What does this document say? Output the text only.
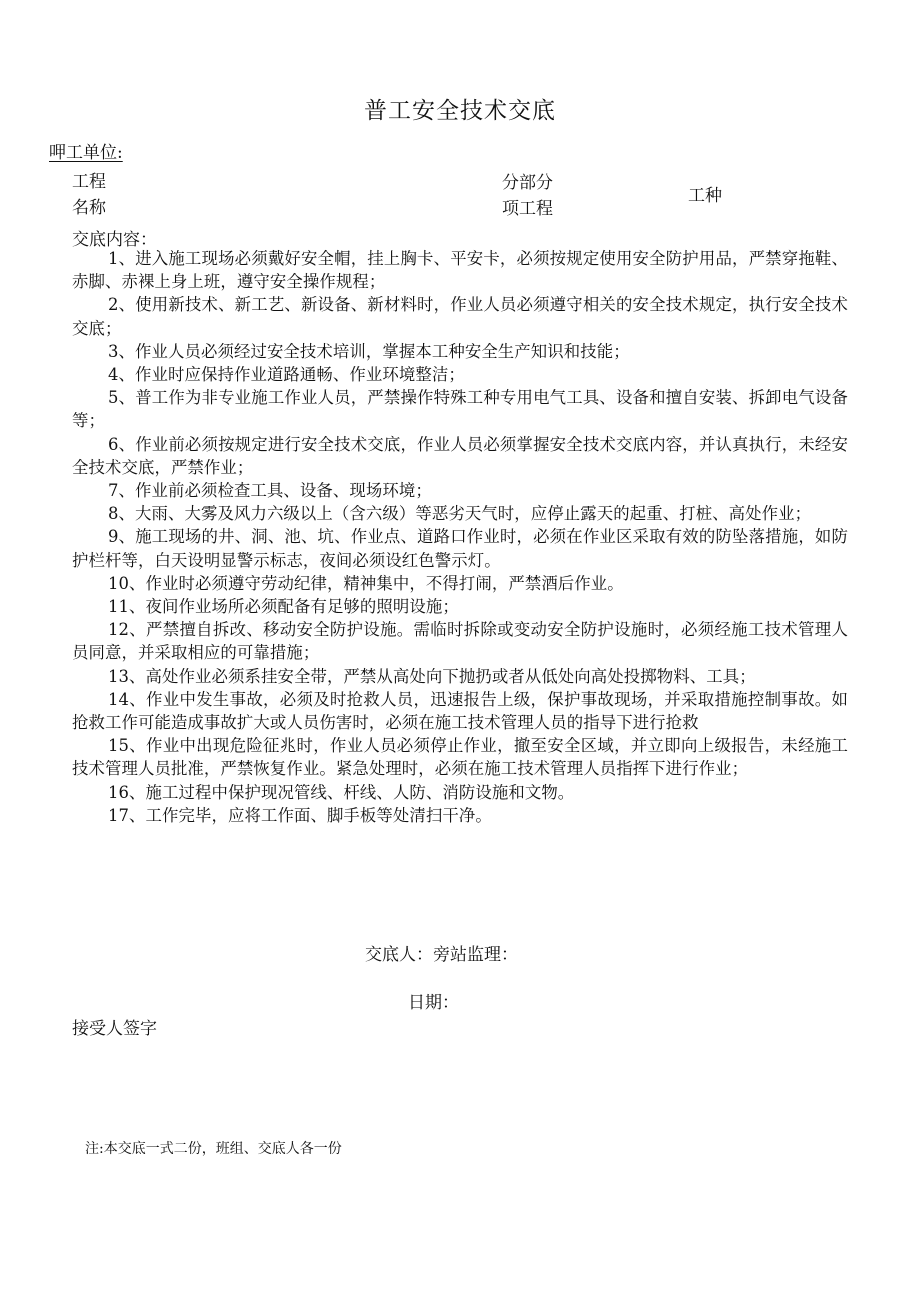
普工安全技术交底
呷工单位:
工程
名称
分部分
项工程
工种
交底内容：
1、进入施工现场必须戴好安全帽，挂上胸卡、平安卡，必须按规定使用安全防护用品，严禁穿拖鞋、赤脚、赤裸上身上班，遵守安全操作规程；
2、使用新技术、新工艺、新设备、新材料时，作业人员必须遵守相关的安全技术规定，执行安全技术交底；
3、作业人员必须经过安全技术培训，掌握本工种安全生产知识和技能；
4、作业时应保持作业道路通畅、作业环境整洁；
5、普工作为非专业施工作业人员，严禁操作特殊工种专用电气工具、设备和擅自安装、拆卸电气设备等；
6、作业前必须按规定进行安全技术交底，作业人员必须掌握安全技术交底内容，并认真执行，未经安全技术交底，严禁作业；
7、作业前必须检查工具、设备、现场环境；
8、大雨、大雾及风力六级以上（含六级）等恶劣天气时，应停止露天的起重、打桩、高处作业；
9、施工现场的井、洞、池、坑、作业点、道路口作业时，必须在作业区采取有效的防坠落措施，如防护栏杆等，白天设明显警示标志，夜间必须设红色警示灯。
10、作业时必须遵守劳动纪律，精神集中，不得打闹，严禁酒后作业。
11、夜间作业场所必须配备有足够的照明设施；
12、严禁擅自拆改、移动安全防护设施。需临时拆除或变动安全防护设施时，必须经施工技术管理人员同意，并采取相应的可靠措施；
13、高处作业必须系挂安全带，严禁从高处向下抛扔或者从低处向高处投掷物料、工具；
14、作业中发生事故，必须及时抢救人员，迅速报告上级，保护事故现场，并采取措施控制事故。如抢救工作可能造成事故扩大或人员伤害时，必须在施工技术管理人员的指导下进行抢救
15、作业中出现危险征兆时，作业人员必须停止作业，撤至安全区域，并立即向上级报告，未经施工技术管理人员批准，严禁恢复作业。紧急处理时，必须在施工技术管理人员指挥下进行作业；
16、施工过程中保护现况管线、杆线、人防、消防设施和文物。
17、工作完毕，应将工作面、脚手板等处清扫干净。
交底人：旁站监理：
日期：
接受人签字
注:本交底一式二份，班组、交底人各一份
